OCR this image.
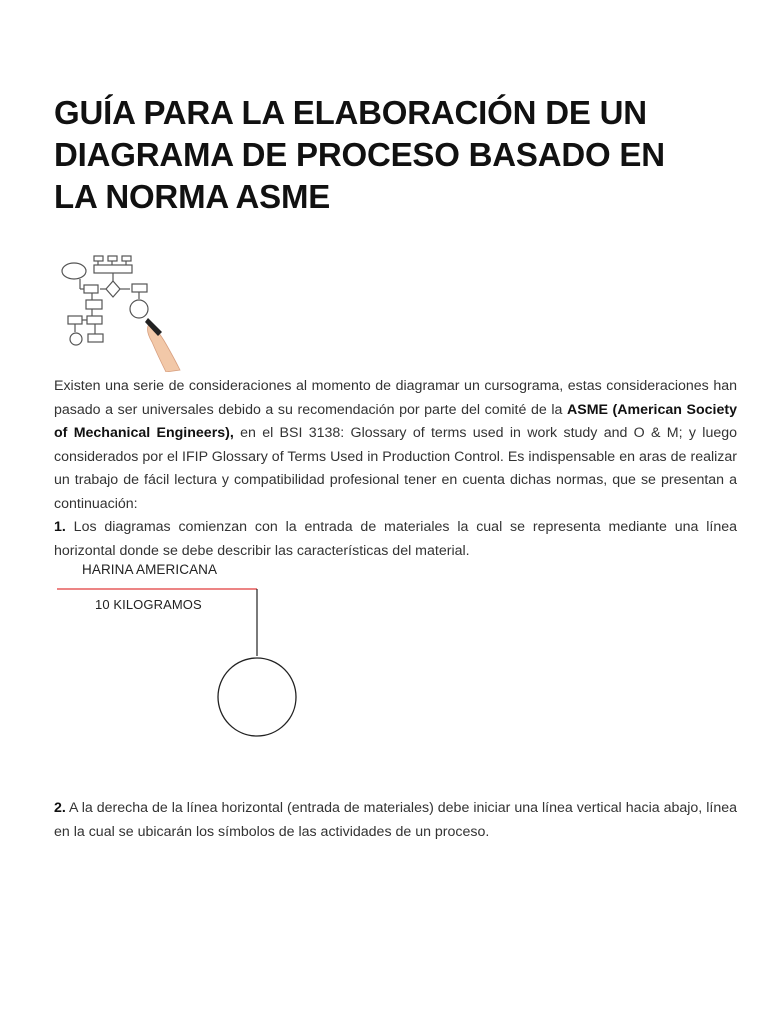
GUÍA PARA LA ELABORACIÓN DE UN
DIAGRAMA DE PROCESO BASADO EN
LA NORMA ASME

Existen una serie de consideraciones al momento de diagramar un cursograma, estas consideraciones han pasado a ser universales debido a su recomendación por parte del comité de la ASME (American Society of Mechanical Engineers), en el BSI 3138: Glossary of terms used in work study and O & M; y luego considerados por el IFIP Glossary of Terms Used in Production Control. Es indispensable en aras de realizar un trabajo de fácil lectura y compatibilidad profesional tener en cuenta dichas normas, que se presentan a continuación:

1. Los diagramas comienzan con la entrada de materiales la cual se representa mediante una línea horizontal donde se debe describir las características del material.

HARINA AMERICANA
10 KILOGRAMOS

2. A la derecha de la línea horizontal (entrada de materiales) debe iniciar una línea vertical hacia abajo, línea en la cual se ubicarán los símbolos de las actividades de un proceso.
